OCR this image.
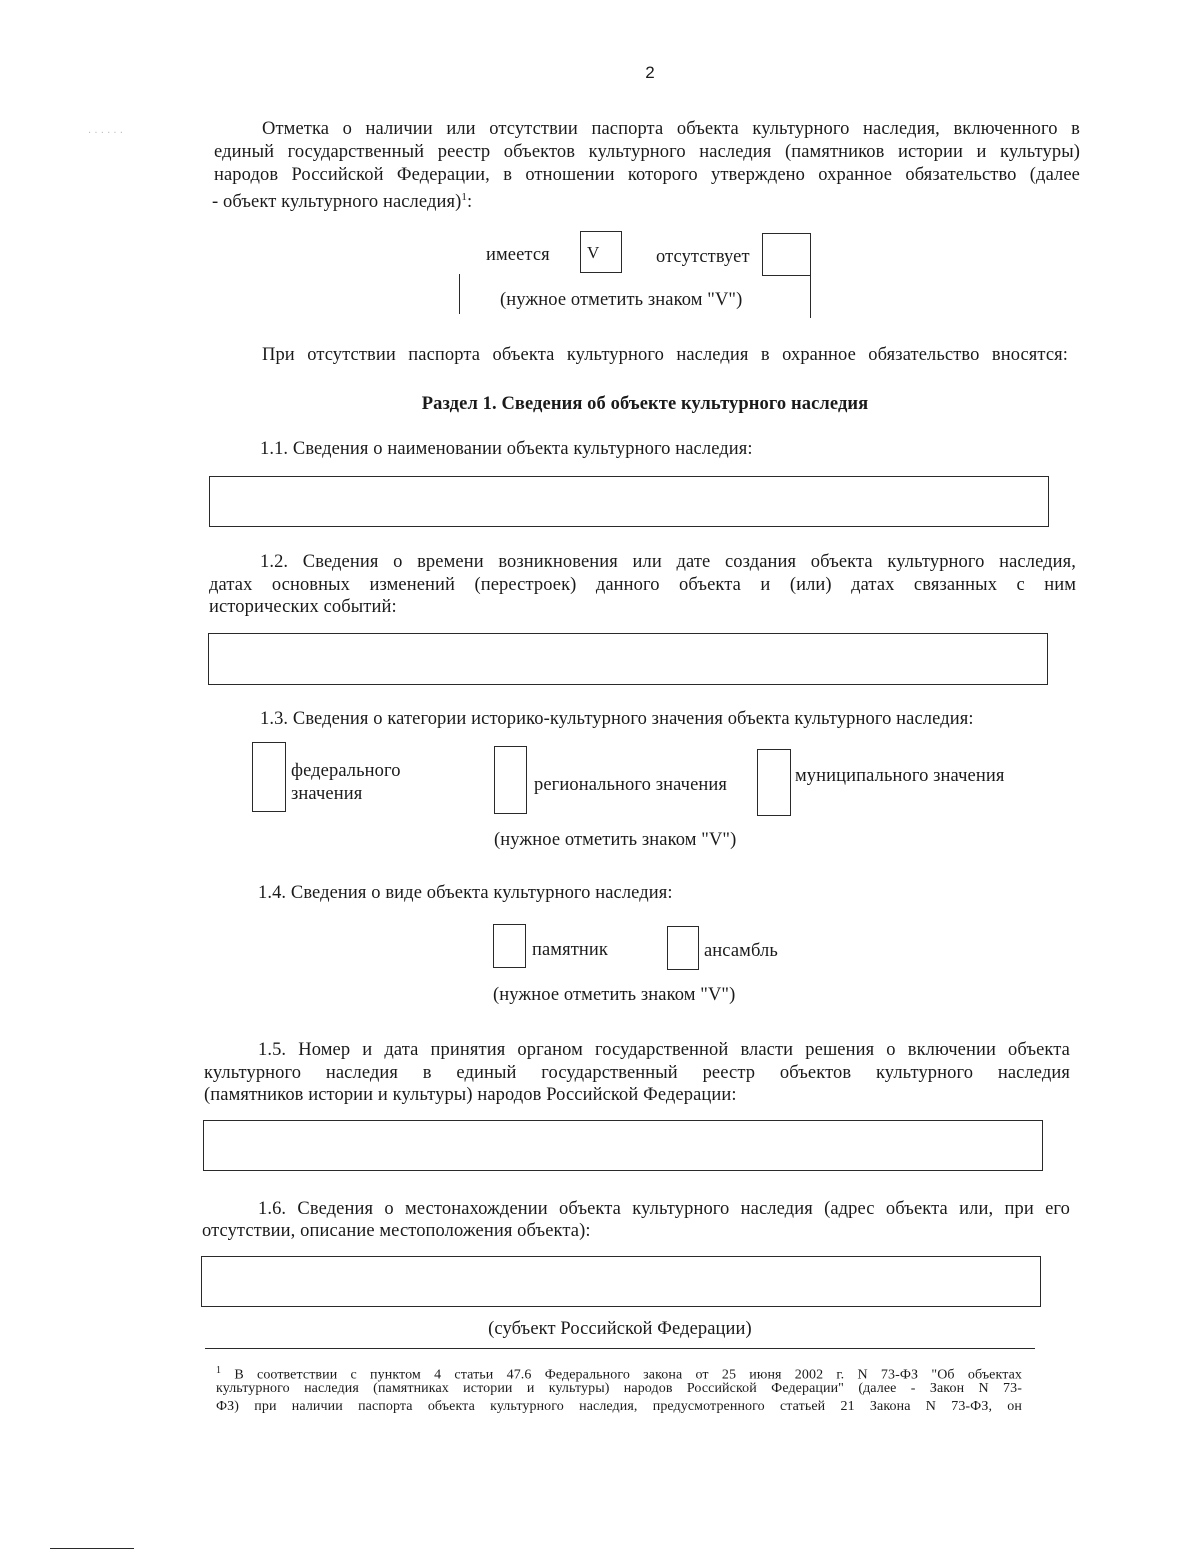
2
· · · · · ·	Отметка о наличии или отсутствии паспорта объекта культурного наследия, включенного в
единый государственный реестр объектов культурного наследия (памятников истории и культуры)
народов Российской Федерации, в отношении которого утверждено охранное обязательство (далее
- объект культурного наследия)$^1$:
имеется V	отсутствует
(нужное отметить знаком "V")
При отсутствии паспорта объекта культурного наследия в охранное обязательство вносятся:
Раздел 1. Сведения об объекте культурного наследия
1.1. Сведения о наименовании объекта культурного наследия:
1.2. Сведения о времени возникновения или дате создания объекта культурного наследия,
датах основных изменений (перестроек) данного объекта и (или) датах связанных с ним
исторических событий:
1.3. Сведения о категории историко-культурного значения объекта культурного наследия:
федерального
значения	регионального значения	муниципального значения
(нужное отметить знаком "V")
1.4. Сведения о виде объекта культурного наследия:
памятник	ансамбль
(нужное отметить знаком "V")
1.5. Номер и дата принятия органом государственной власти решения о включении объекта
культурного наследия в единый государственный реестр объектов культурного наследия
(памятников истории и культуры) народов Российской Федерации:
1.6. Сведения о местонахождении объекта культурного наследия (адрес объекта или, при его
отсутствии, описание местоположения объекта):
(субъект Российской Федерации)
$^1$ В соответствии с пунктом 4 статьи 47.6 Федерального закона от 25 июня 2002 г. N 73-ФЗ "Об объектах
культурного наследия (памятниках истории и культуры) народов Российской Федерации" (далее - Закон N 73-
ФЗ) при наличии паспорта объекта культурного наследия, предусмотренного статьей 21 Закона N 73-ФЗ, он
